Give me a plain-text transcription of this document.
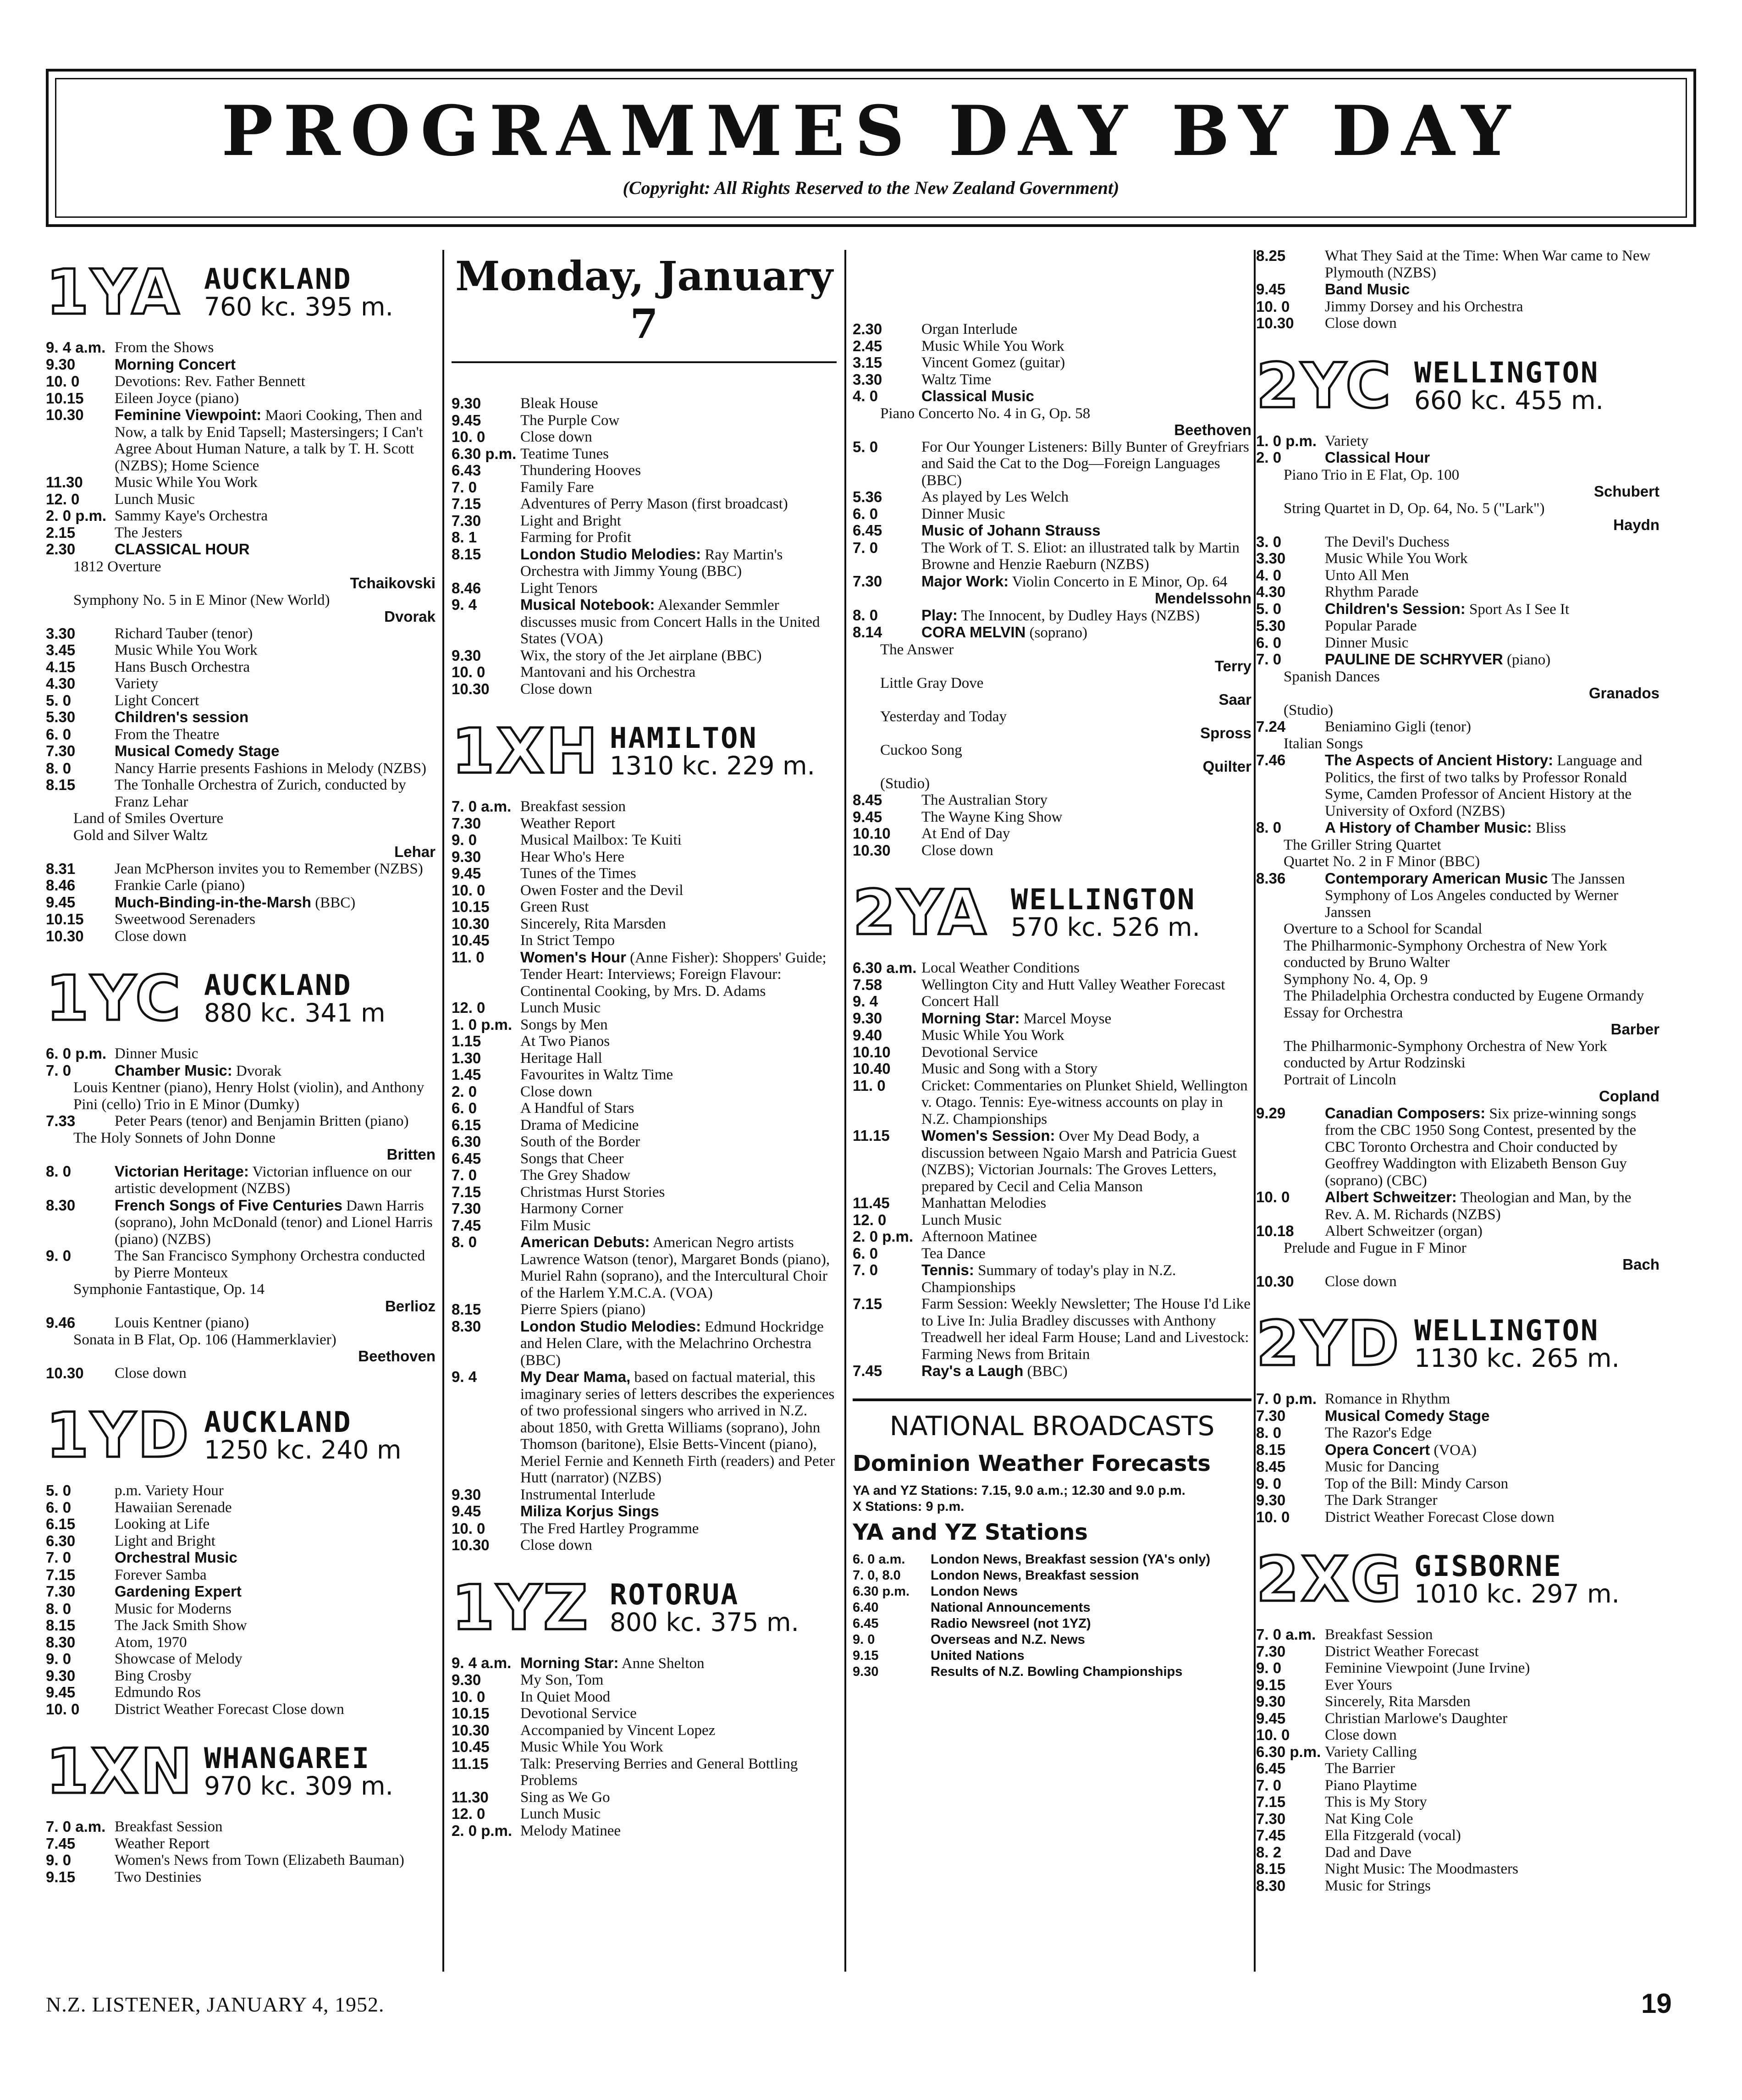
PROGRAMMES DAY BY DAY
(Copyright: All Rights Reserved to the New Zealand Government)
1YA AUCKLAND
760 kc. 395 m.
9. 4 a.m. From the Shows
9.30	Morning Concert
10. 0	Devotions: Rev. Father Bennett
10.15	Eileen Joyce (piano)
10.30	Feminine Viewpoint: Maori Cooking, Then and Now, a talk by Enid Tapsell; Mastersingers; I Can't Agree About Human Nature, a talk by T. H. Scott (NZBS); Home Science
11.30	Music While You Work
12. 0	Lunch Music
2. 0 p.m. Sammy Kaye's Orchestra
2.15	The Jesters
2.30	CLASSICAL HOUR
1812 Overture
Tchaikovski
Symphony No. 5 in E Minor (New World)
Dvorak
3.30	Richard Tauber (tenor)
3.45	Music While You Work
4.15	Hans Busch Orchestra
4.30	Variety
5. 0	Light Concert
5.30	Children's session
6. 0	From the Theatre
7.30	Musical Comedy Stage
8. 0	Nancy Harrie presents Fashions in Melody (NZBS)
8.15	The Tonhalle Orchestra of Zurich, conducted by Franz Lehar
Land of Smiles Overture
Gold and Silver Waltz
Lehar
8.31	Jean McPherson invites you to Remember (NZBS)
8.46	Frankie Carle (piano)
9.45	Much-Binding-in-the-Marsh (BBC)
10.15	Sweetwood Serenaders
10.30	Close down
1YC AUCKLAND
880 kc. 341 m
6. 0 p.m. Dinner Music
7. 0	Chamber Music: Dvorak
Louis Kentner (piano), Henry Holst (violin), and Anthony Pini (cello) Trio in E Minor (Dumky)
7.33	Peter Pears (tenor) and Benjamin Britten (piano)
The Holy Sonnets of John Donne
Britten
8. 0	Victorian Heritage: Victorian influence on our artistic development (NZBS)
8.30	French Songs of Five Centuries Dawn Harris (soprano), John McDonald (tenor) and Lionel Harris (piano) (NZBS)
9. 0	The San Francisco Symphony Orchestra conducted by Pierre Monteux
Symphonie Fantastique, Op. 14
Berlioz
9.46	Louis Kentner (piano)
Sonata in B Flat, Op. 106 (Hammerklavier)
Beethoven
10.30	Close down
1YD AUCKLAND
1250 kc. 240 m
5. 0	p.m. Variety Hour
6. 0	Hawaiian Serenade
6.15	Looking at Life
6.30	Light and Bright
7. 0	Orchestral Music
7.15	Forever Samba
7.30	Gardening Expert
8. 0	Music for Moderns
8.15	The Jack Smith Show
8.30	Atom, 1970
9. 0	Showcase of Melody
9.30	Bing Crosby
9.45	Edmundo Ros
10. 0	District Weather Forecast Close down
1XN WHANGAREI
970 kc. 309 m.
7. 0 a.m. Breakfast Session
7.45	Weather Report
9. 0	Women's News from Town (Elizabeth Bauman)
9.15	Two Destinies
Monday, January 7
9.30	Bleak House
9.45	The Purple Cow
10. 0	Close down
6.30 p.m. Teatime Tunes
6.43	Thundering Hooves
7. 0	Family Fare
7.15	Adventures of Perry Mason (first broadcast)
7.30	Light and Bright
8. 1	Farming for Profit
8.15	London Studio Melodies: Ray Martin's Orchestra with Jimmy Young (BBC)
8.46	Light Tenors
9. 4	Musical Notebook: Alexander Semmler discusses music from Concert Halls in the United States (VOA)
9.30	Wix, the story of the Jet airplane (BBC)
10. 0	Mantovani and his Orchestra
10.30	Close down
1XH HAMILTON
1310 kc. 229 m.
7. 0 a.m. Breakfast session
7.30	Weather Report
9. 0	Musical Mailbox: Te Kuiti
9.30	Hear Who's Here
9.45	Tunes of the Times
10. 0	Owen Foster and the Devil
10.15	Green Rust
10.30	Sincerely, Rita Marsden
10.45	In Strict Tempo
11. 0	Women's Hour (Anne Fisher): Shoppers' Guide; Tender Heart: Interviews; Foreign Flavour: Continental Cooking, by Mrs. D. Adams
12. 0	Lunch Music
1. 0 p.m. Songs by Men
1.15	At Two Pianos
1.30	Heritage Hall
1.45	Favourites in Waltz Time
2. 0	Close down
6. 0	A Handful of Stars
6.15	Drama of Medicine
6.30	South of the Border
6.45	Songs that Cheer
7. 0	The Grey Shadow
7.15	Christmas Hurst Stories
7.30	Harmony Corner
7.45	Film Music
8. 0	American Debuts: American Negro artists Lawrence Watson (tenor), Margaret Bonds (piano), Muriel Rahn (soprano), and the Intercultural Choir of the Harlem Y.M.C.A. (VOA)
8.15	Pierre Spiers (piano)
8.30	London Studio Melodies: Edmund Hockridge and Helen Clare, with the Melachrino Orchestra (BBC)
9. 4	My Dear Mama, based on factual material, this imaginary series of letters describes the experiences of two professional singers who arrived in N.Z. about 1850, with Gretta Williams (soprano), John Thomson (baritone), Elsie Betts-Vincent (piano), Meriel Fernie and Kenneth Firth (readers) and Peter Hutt (narrator) (NZBS)
9.30	Instrumental Interlude
9.45	Miliza Korjus Sings
10. 0	The Fred Hartley Programme
10.30	Close down
1YZ ROTORUA
800 kc. 375 m.
9. 4 a.m. Morning Star: Anne Shelton
9.30	My Son, Tom
10. 0	In Quiet Mood
10.15	Devotional Service
10.30	Accompanied by Vincent Lopez
10.45	Music While You Work
11.15	Talk: Preserving Berries and General Bottling Problems
11.30	Sing as We Go
12. 0	Lunch Music
2. 0 p.m. Melody Matinee
2.30	Organ Interlude
2.45	Music While You Work
3.15	Vincent Gomez (guitar)
3.30	Waltz Time
4. 0	Classical Music
Piano Concerto No. 4 in G, Op. 58
Beethoven
5. 0	For Our Younger Listeners: Billy Bunter of Greyfriars and Said the Cat to the Dog—Foreign Languages (BBC)
5.36	As played by Les Welch
6. 0	Dinner Music
6.45	Music of Johann Strauss
7. 0	The Work of T. S. Eliot: an illustrated talk by Martin Browne and Henzie Raeburn (NZBS)
7.30	Major Work: Violin Concerto in E Minor, Op. 64
Mendelssohn
8. 0	Play: The Innocent, by Dudley Hays (NZBS)
8.14	CORA MELVIN (soprano)
The Answer
Terry
Little Gray Dove
Saar
Yesterday and Today
Spross
Cuckoo Song
Quilter
(Studio)
8.45	The Australian Story
9.45	The Wayne King Show
10.10	At End of Day
10.30	Close down
2YA WELLINGTON
570 kc. 526 m.
6.30 a.m. Local Weather Conditions
7.58	Wellington City and Hutt Valley Weather Forecast
9. 4	Concert Hall
9.30	Morning Star: Marcel Moyse
9.40	Music While You Work
10.10	Devotional Service
10.40	Music and Song with a Story
11. 0	Cricket: Commentaries on Plunket Shield, Wellington v. Otago. Tennis: Eye-witness accounts on play in N.Z. Championships
11.15	Women's Session: Over My Dead Body, a discussion between Ngaio Marsh and Patricia Guest (NZBS); Victorian Journals: The Groves Letters, prepared by Cecil and Celia Manson
11.45	Manhattan Melodies
12. 0	Lunch Music
2. 0 p.m. Afternoon Matinee
6. 0	Tea Dance
7. 0	Tennis: Summary of today's play in N.Z. Championships
7.15	Farm Session: Weekly Newsletter; The House I'd Like to Live In: Julia Bradley discusses with Anthony Treadwell her ideal Farm House; Land and Livestock: Farming News from Britain
7.45	Ray's a Laugh (BBC)
NATIONAL BROADCASTS
Dominion Weather Forecasts
YA and YZ Stations: 7.15, 9.0 a.m.; 12.30 and 9.0 p.m.
X Stations: 9 p.m.
YA and YZ Stations
6. 0 a.m.	London News, Breakfast session (YA's only)
7. 0, 8.0	London News, Breakfast session
6.30 p.m.	London News
6.40	National Announcements
6.45	Radio Newsreel (not 1YZ)
9. 0	Overseas and N.Z. News
9.15	United Nations
9.30	Results of N.Z. Bowling Championships
8.25	What They Said at the Time: When War came to New Plymouth (NZBS)
9.45	Band Music
10. 0	Jimmy Dorsey and his Orchestra
10.30	Close down
2YC WELLINGTON
660 kc. 455 m.
1. 0 p.m. Variety
2. 0	Classical Hour
Piano Trio in E Flat, Op. 100
Schubert
String Quartet in D, Op. 64, No. 5 ("Lark")
Haydn
3. 0	The Devil's Duchess
3.30	Music While You Work
4. 0	Unto All Men
4.30	Rhythm Parade
5. 0	Children's Session: Sport As I See It
5.30	Popular Parade
6. 0	Dinner Music
7. 0	PAULINE DE SCHRYVER (piano)
Spanish Dances
Granados
(Studio)
7.24	Beniamino Gigli (tenor)
Italian Songs
7.46	The Aspects of Ancient History: Language and Politics, the first of two talks by Professor Ronald Syme, Camden Professor of Ancient History at the University of Oxford (NZBS)
8. 0	A History of Chamber Music: Bliss
The Griller String Quartet
Quartet No. 2 in F Minor (BBC)
8.36	Contemporary American Music The Janssen Symphony of Los Angeles conducted by Werner Janssen
Overture to a School for Scandal
The Philharmonic-Symphony Orchestra of New York conducted by Bruno Walter
Symphony No. 4, Op. 9
The Philadelphia Orchestra conducted by Eugene Ormandy
Essay for Orchestra
Barber
The Philharmonic-Symphony Orchestra of New York conducted by Artur Rodzinski
Portrait of Lincoln
Copland
9.29	Canadian Composers: Six prize-winning songs from the CBC 1950 Song Contest, presented by the CBC Toronto Orchestra and Choir conducted by Geoffrey Waddington with Elizabeth Benson Guy (soprano) (CBC)
10. 0	Albert Schweitzer: Theologian and Man, by the Rev. A. M. Richards (NZBS)
10.18	Albert Schweitzer (organ)
Prelude and Fugue in F Minor
Bach
10.30	Close down
2YD WELLINGTON
1130 kc. 265 m.
7. 0 p.m. Romance in Rhythm
7.30	Musical Comedy Stage
8. 0	The Razor's Edge
8.15	Opera Concert (VOA)
8.45	Music for Dancing
9. 0	Top of the Bill: Mindy Carson
9.30	The Dark Stranger
10. 0	District Weather Forecast Close down
2XG GISBORNE
1010 kc. 297 m.
7. 0 a.m. Breakfast Session
7.30	District Weather Forecast
9. 0	Feminine Viewpoint (June Irvine)
9.15	Ever Yours
9.30	Sincerely, Rita Marsden
9.45	Christian Marlowe's Daughter
10. 0	Close down
6.30 p.m. Variety Calling
6.45	The Barrier
7. 0	Piano Playtime
7.15	This is My Story
7.30	Nat King Cole
7.45	Ella Fitzgerald (vocal)
8. 2	Dad and Dave
8.15	Night Music: The Moodmasters
8.30	Music for Strings
N.Z. LISTENER, JANUARY 4, 1952.	19
